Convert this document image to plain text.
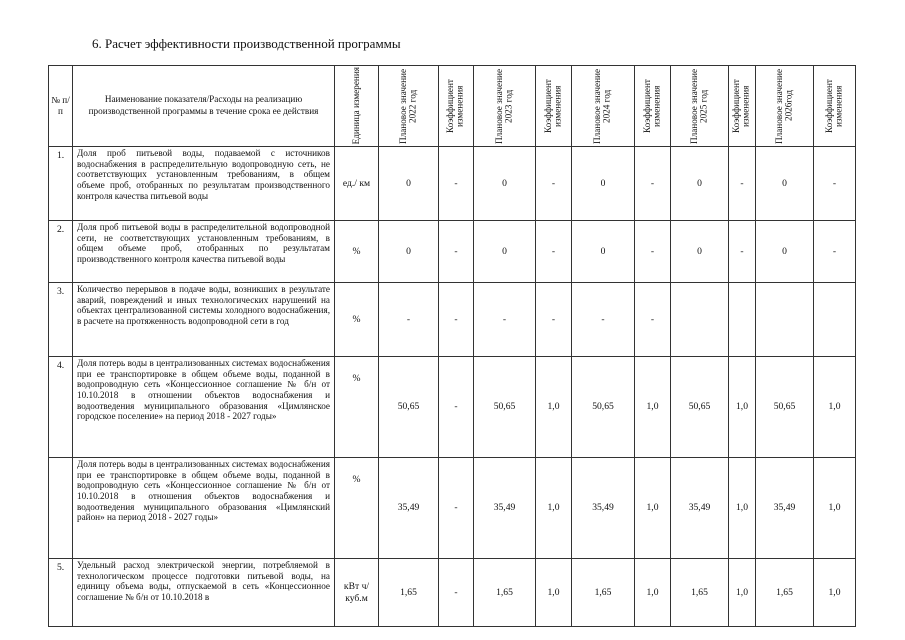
6. Расчет эффективности производственной программы
№ п/ п	Наименование показателя/Расходы на реализацию производственной программы в течение срока ее действия	Единица измерения	Плановое значение 2022 год	Коэффициент изменения	Плановое значение 2023 год	Коэффициент изменения	Плановое значение 2024 год	Коэффициент изменения	Плановое значение 2025 год	Коэффициент изменения	Плановое значение 2026год	Коэффициент изменения

1.	Доля проб питьевой воды, подаваемой с источников водоснабжения в распределительную водопроводную сеть, не соответствующих установленным требованиям, в общем объеме проб, отобранных по результатам производственного контроля качества питьевой воды	ед./ км	0	-	0	-	0	-	0	-	0	-
2.	Доля проб питьевой воды в распределительной водопроводной сети, не соответствующих установленным требованиям, в общем объеме проб, отобранных по результатам производственного контроля качества питьевой воды	%	0	-	0	-	0	-	0	-	0	-
3.	Количество перерывов в подаче воды, возникших в результате аварий, повреждений и иных технологических нарушений на объектах централизованной системы холодного водоснабжения, в расчете на протяженность водопроводной сети в год	%	-	-	-	-	-	-				
4.	Доля потерь воды в централизованных системах водоснабжения при ее транспортировке в общем объеме воды, поданной в водопроводную сеть «Концессионное соглашение № б/н от 10.10.2018 в отношении объектов водоснабжения и водоотведения муниципального образования «Цимлянское городское поселение» на период 2018 - 2027 годы»	%	50,65	-	50,65	1,0	50,65	1,0	50,65	1,0	50,65	1,0
	Доля потерь воды в централизованных системах водоснабжения при ее транспортировке в общем объеме воды, поданной в водопроводную сеть «Концессионное соглашение № б/н от 10.10.2018 в отношения объектов водоснабжения и водоотведения муниципального образования «Цимлянский район» на период 2018 - 2027 годы»	%	35,49	-	35,49	1,0	35,49	1,0	35,49	1,0	35,49	1,0
5.	Удельный расход электрической энергии, потребляемой в технологическом процессе подготовки питьевой воды, на единицу объема воды, отпускаемой в сеть «Концессионное соглашение № б/н от 10.10.2018 в	кВт ч/куб.м	1,65	-	1,65	1,0	1,65	1,0	1,65	1,0	1,65	1,0
